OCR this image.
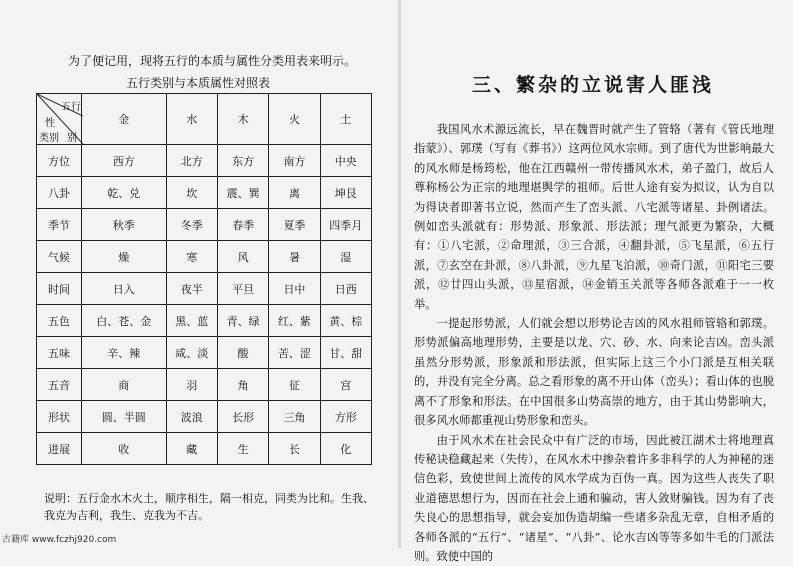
为了便记用，现将五行的本质与属性分类用表来明示。
五行类别与本质属性对照表
五行
性
类别 别	金	水	木	火	土
方位	西方	北方	东方	南方	中央
八卦	乾、兑	坎	震、巽	离	坤艮
季节	秋季	冬季	春季	夏季	四季月
气候	燥	寒	风	暑	湿
时间	日入	夜半	平旦	日中	日西
五色	白、苍、金	黑、蓝	青、绿	红、紫	黄、棕
五味	辛、辣	咸、淡	酸	苦、涩	甘、甜
五音	商	羽	角	征	宫
形状	圆、半圆	波浪	长形	三角	方形
进展	收	藏	生	长	化
说明：五行金水木火土，顺序相生，隔一相克，同类为比和。生我、我克为吉利，我生、克我为不吉。
三、繁杂的立说害人匪浅

我国风水术源远流长，早在魏晋时就产生了管辂（著有《管氏地理指蒙》）、郭璞（写有《葬书》）这两位风水宗师。到了唐代为世影响最大的风水师是杨筠松，他在江西赣州一带传播风水术，弟子盈门，故后人尊称杨公为正宗的地理堪舆学的祖师。后世人途有妄为拟议，认为自以为得诀者即著书立说，然而产生了峦头派、八宅派等诸星、卦例诸法。例如峦头派就有：形势派、形象派、形法派；理气派更为繁杂，大概有：①八宅派，②命理派，③三合派，④翻卦派，⑤飞星派，⑥五行派，⑦玄空在卦派，⑧八卦派，⑨九星飞泊派，⑩奇门派，⑪阳宅三要派，⑫廿四山头派，⑬星宿派，⑭金销玉关派等各师各派难于一一枚举。

一提起形势派，人们就会想以形势论吉凶的风水祖师管辂和郭璞。形势派偏高地理形势，主要是以龙、穴、砂、水、向来论吉凶。峦头派虽然分形势派，形象派和形法派，但实际上这三个小门派是互相关联的，并没有完全分离。总之看形象的离不开山体（峦头）；看山体的也脱离不了形象和形法。在中国很多山势高崇的地方，由于其山势影响大，很多风水师都重视山势形象和峦头。

由于风水术在社会民众中有广泛的市场，因此被江湖术士将地理真传秘诀稳藏起来（失传），在风水术中掺杂着许多非科学的人为神秘的迷信色彩，致使世间上流传的风水学成为百伪一真。因为这些人丧失了职业道德思想行为，因而在社会上通和骗动，害人敛财骗钱。因为有了丧失良心的思想指导，就会妄加伪造胡编一些诸多杂乱无章，自相矛盾的各师各派的“五行”、“诸星”、“八卦”、论水吉凶等等多如牛毛的门派法则。致使中国的

古籍库 www.fczhj920.com
